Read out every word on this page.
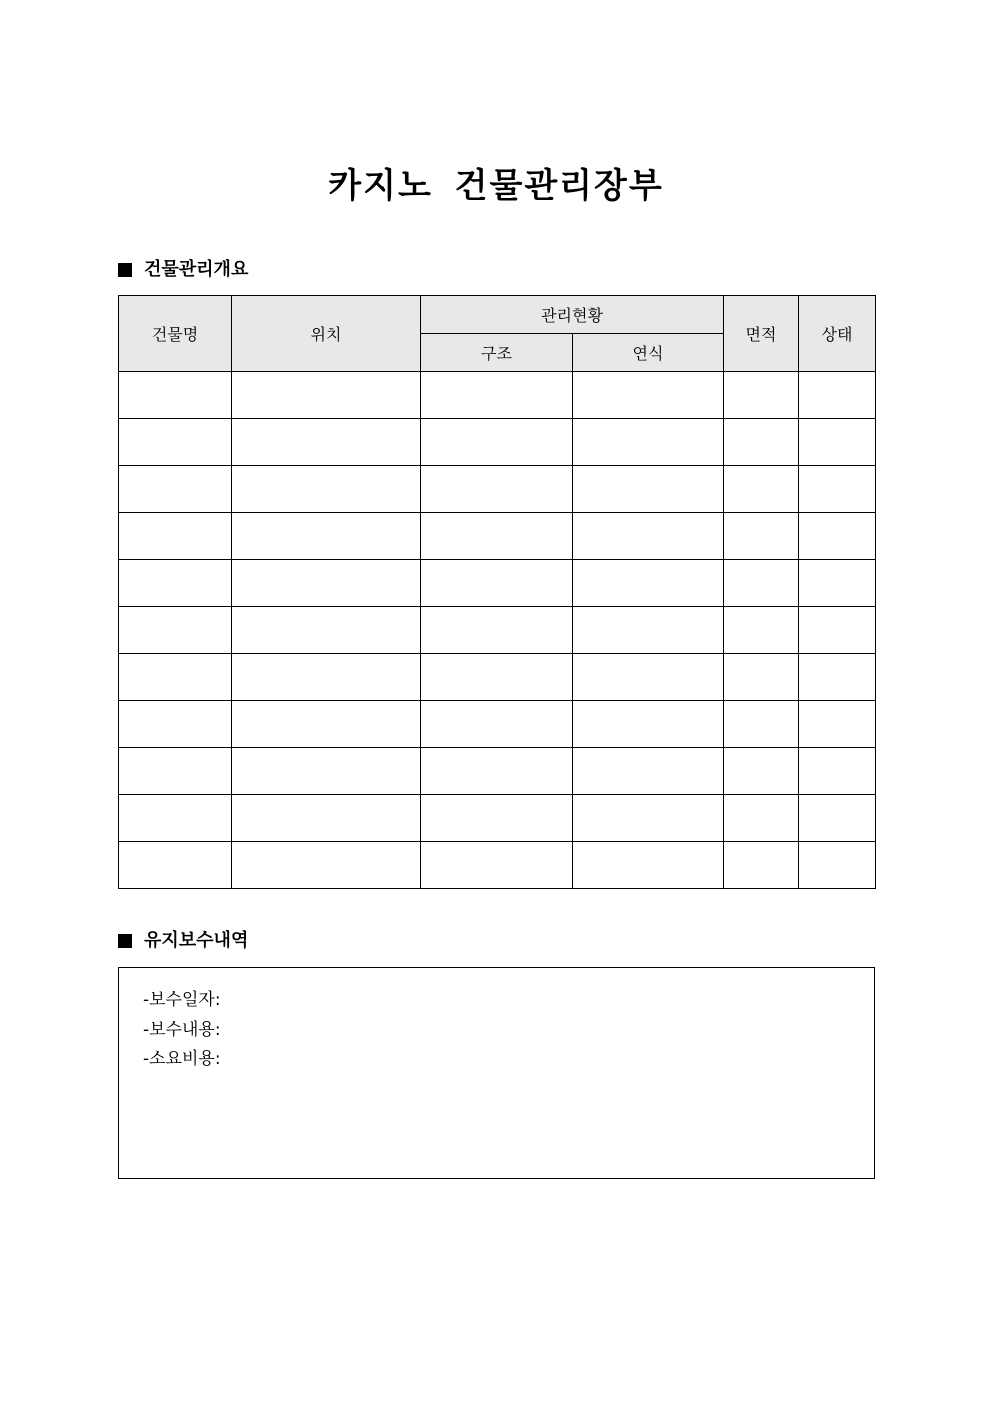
카지노 건물관리장부
건물관리개요
건물명	위치	관리현황		면적	상태
		구조	연식		

유지보수내역
-보수일자:
-보수내용:
-소요비용:
